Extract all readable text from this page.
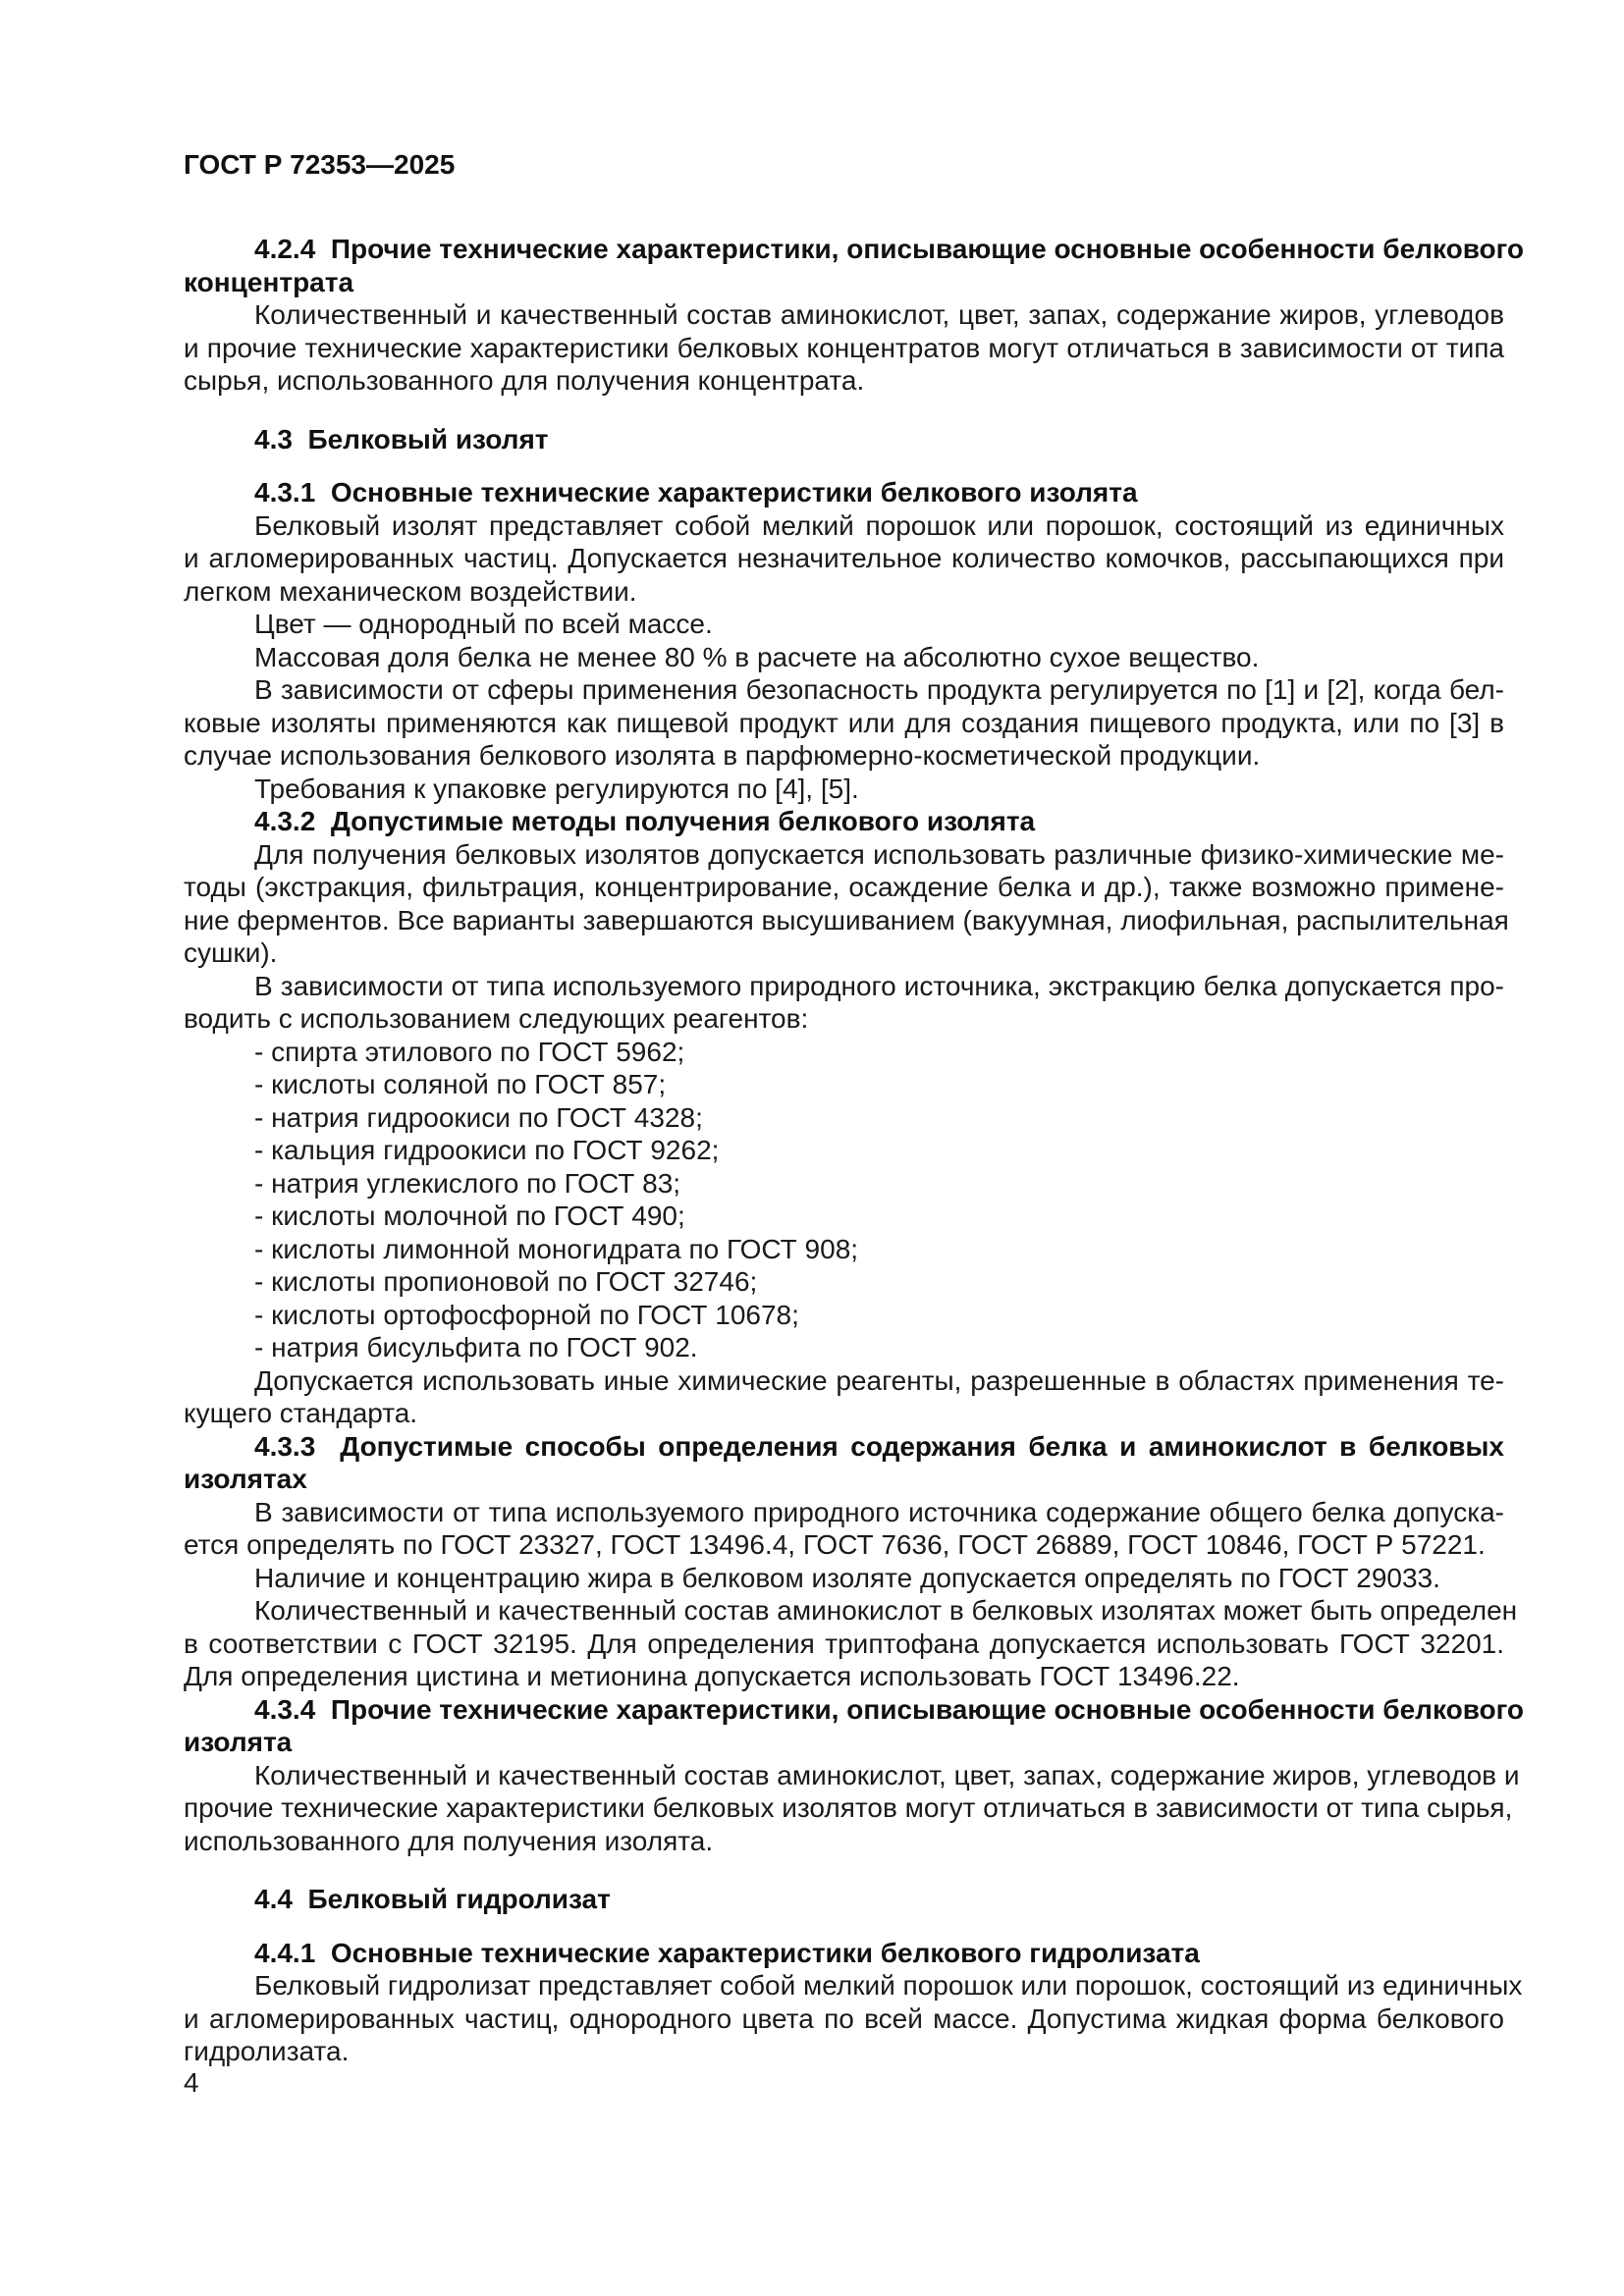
ГОСТ Р 72353—2025
4.2.4  Прочие технические характеристики, описывающие основные особенности белкового
концентрата
Количественный и качественный состав аминокислот, цвет, запах, содержание жиров, углеводов
и прочие технические характеристики белковых концентратов могут отличаться в зависимости от типа
сырья, использованного для получения концентрата.
4.3  Белковый изолят
4.3.1  Основные технические характеристики белкового изолята
Белковый изолят представляет собой мелкий порошок или порошок, состоящий из единичных
и агломерированных частиц. Допускается незначительное количество комочков, рассыпающихся при
легком механическом воздействии.
Цвет — однородный по всей массе.
Массовая доля белка не менее 80 % в расчете на абсолютно сухое вещество.
В зависимости от сферы применения безопасность продукта регулируется по [1] и [2], когда бел-
ковые изоляты применяются как пищевой продукт или для создания пищевого продукта, или по [3] в
случае использования белкового изолята в парфюмерно-косметической продукции.
Требования к упаковке регулируются по [4], [5].
4.3.2  Допустимые методы получения белкового изолята
Для получения белковых изолятов допускается использовать различные физико-химические ме-
тоды (экстракция, фильтрация, концентрирование, осаждение белка и др.), также возможно примене-
ние ферментов. Все варианты завершаются высушиванием (вакуумная, лиофильная, распылительная
сушки).
В зависимости от типа используемого природного источника, экстракцию белка допускается про-
водить с использованием следующих реагентов:
- спирта этилового по ГОСТ 5962;
- кислоты соляной по ГОСТ 857;
- натрия гидроокиси по ГОСТ 4328;
- кальция гидроокиси по ГОСТ 9262;
- натрия углекислого по ГОСТ 83;
- кислоты молочной по ГОСТ 490;
- кислоты лимонной моногидрата по ГОСТ 908;
- кислоты пропионовой по ГОСТ 32746;
- кислоты ортофосфорной по ГОСТ 10678;
- натрия бисульфита по ГОСТ 902.
Допускается использовать иные химические реагенты, разрешенные в областях применения те-
кущего стандарта.
4.3.3  Допустимые способы определения содержания белка и аминокислот в белковых
изолятах
В зависимости от типа используемого природного источника содержание общего белка допуска-
ется определять по ГОСТ 23327, ГОСТ 13496.4, ГОСТ 7636, ГОСТ 26889, ГОСТ 10846, ГОСТ Р 57221.
Наличие и концентрацию жира в белковом изоляте допускается определять по ГОСТ 29033.
Количественный и качественный состав аминокислот в белковых изолятах может быть определен
в соответствии с ГОСТ 32195. Для определения триптофана допускается использовать ГОСТ 32201.
Для определения цистина и метионина допускается использовать ГОСТ 13496.22.
4.3.4  Прочие технические характеристики, описывающие основные особенности белкового
изолята
Количественный и качественный состав аминокислот, цвет, запах, содержание жиров, углеводов и
прочие технические характеристики белковых изолятов могут отличаться в зависимости от типа сырья,
использованного для получения изолята.
4.4  Белковый гидролизат
4.4.1  Основные технические характеристики белкового гидролизата
Белковый гидролизат представляет собой мелкий порошок или порошок, состоящий из единичных
и агломерированных частиц, однородного цвета по всей массе. Допустима жидкая форма белкового
гидролизата.
4
